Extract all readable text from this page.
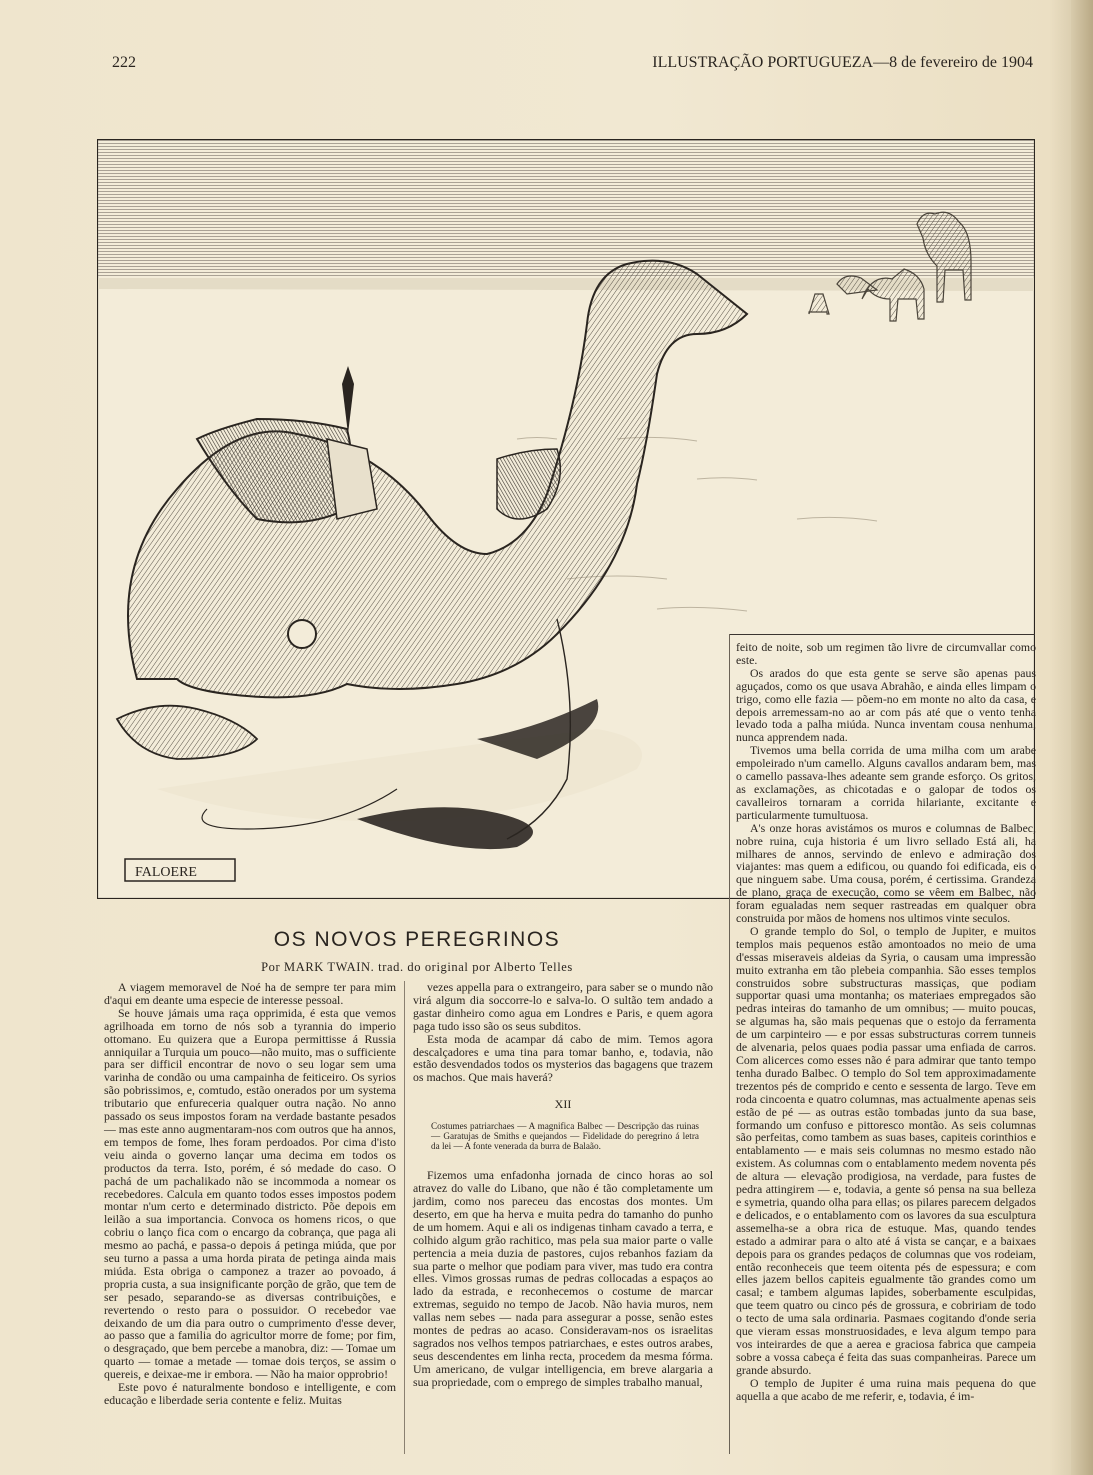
222	ILLUSTRAÇÃO PORTUGUEZA—8 de fevereiro de 1904
FALOERE
OS NOVOS PEREGRINOS
Por MARK TWAIN. trad. do original por Alberto Telles

A viagem memoravel de Noé ha de sempre ter para mim d'aqui em deante uma especie de interesse pessoal.

Se houve jámais uma raça opprimida, é esta que vemos agrilhoada em torno de nós sob a tyrannia do imperio ottomano. Eu quizera que a Europa permittisse á Russia anniquilar a Turquia um pouco—não muito, mas o sufficiente para ser difficil encontrar de novo o seu logar sem uma varinha de condão ou uma campainha de feiticeiro. Os syrios são pobrissimos, e, comtudo, estão onerados por um systema tributario que enfureceria qualquer outra nação. No anno passado os seus impostos foram na verdade bastante pesados — mas este anno augmentaram-nos com outros que ha annos, em tempos de fome, lhes foram perdoados. Por cima d'isto veiu ainda o governo lançar uma decima em todos os productos da terra. Isto, porém, é só medade do caso. O pachá de um pachalikado não se incommoda a nomear os recebedores. Calcula em quanto todos esses impostos podem montar n'um certo e determinado districto. Põe depois em leilão a sua importancia. Convoca os homens ricos, o que cobriu o lanço fica com o encargo da cobrança, que paga ali mesmo ao pachá, e passa-o depois á petinga miúda, que por seu turno a passa a uma horda pirata de petinga ainda mais miúda. Esta obriga o camponez a trazer ao povoado, á propria custa, a sua insignificante porção de grão, que tem de ser pesado, separando-se as diversas contribuições, e revertendo o resto para o possuidor. O recebedor vae deixando de um dia para outro o cumprimento d'esse dever, ao passo que a familia do agricultor morre de fome; por fim, o desgraçado, que bem percebe a manobra, diz: — Tomae um quarto — tomae a metade — tomae dois terços, se assim o quereis, e deixae-me ir embora. — Não ha maior opprobrio!

Este povo é naturalmente bondoso e intelligente, e com educação e liberdade seria contente e feliz. Muitas

vezes appella para o extrangeiro, para saber se o mundo não virá algum dia soccorre-lo e salva-lo. O sultão tem andado a gastar dinheiro como agua em Londres e Paris, e quem agora paga tudo isso são os seus subditos.

Esta moda de acampar dá cabo de mim. Temos agora descalçadores e uma tina para tomar banho, e, todavia, não estão desvendados todos os mysterios das bagagens que trazem os machos. Que mais haverá?

XII

Costumes patriarchaes — A magnifica Balbec — Descripção das ruinas — Garatujas de Smiths e quejandos — Fidelidade do peregrino á letra da lei — A fonte venerada da burra de Balaão.

Fizemos uma enfadonha jornada de cinco horas ao sol atravez do valle do Libano, que não é tão completamente um jardim, como nos pareceu das encostas dos montes. Um deserto, em que ha herva e muita pedra do tamanho do punho de um homem. Aqui e ali os indigenas tinham cavado a terra, e colhido algum grão rachitico, mas pela sua maior parte o valle pertencia a meia duzia de pastores, cujos rebanhos faziam da sua parte o melhor que podiam para viver, mas tudo era contra elles. Vimos grossas rumas de pedras collocadas a espaços ao lado da estrada, e reconhecemos o costume de marcar extremas, seguido no tempo de Jacob. Não havia muros, nem vallas nem sebes — nada para assegurar a posse, senão estes montes de pedras ao acaso. Consideravam-nos os israelitas sagrados nos velhos tempos patriarchaes, e estes outros arabes, seus descendentes em linha recta, procedem da mesma fórma. Um americano, de vulgar intelligencia, em breve alargaria a sua propriedade, com o emprego de simples trabalho manual,

feito de noite, sob um regimen tão livre de circumvallar como este.

Os arados do que esta gente se serve são apenas paus aguçados, como os que usava Abrahão, e ainda elles limpam o trigo, como elle fazia — põem-no em monte no alto da casa, e depois arremessam-no ao ar com pás até que o vento tenha levado toda a palha miúda. Nunca inventam cousa nenhuma, nunca apprendem nada.

Tivemos uma bella corrida de uma milha com um arabe empoleirado n'um camello. Alguns cavallos andaram bem, mas o camello passava-lhes adeante sem grande esforço. Os gritos, as exclamações, as chicotadas e o galopar de todos os cavalleiros tornaram a corrida hilariante, excitante e particularmente tumultuosa.

A's onze horas avistámos os muros e columnas de Balbec, nobre ruina, cuja historia é um livro sellado Está ali, ha milhares de annos, servindo de enlevo e admiração dos viajantes: mas quem a edificou, ou quando foi edificada, eis o que ninguem sabe. Uma cousa, porém, é certissima. Grandeza de plano, graça de execução, como se vêem em Balbec, não foram egualadas nem sequer rastreadas em qualquer obra construida por mãos de homens nos ultimos vinte seculos.

O grande templo do Sol, o templo de Jupiter, e muitos templos mais pequenos estão amontoados no meio de uma d'essas miseraveis aldeias da Syria, o causam uma impressão muito extranha em tão plebeia companhia. São esses templos construidos sobre substructuras massiças, que podiam supportar quasi uma montanha; os materiaes empregados são pedras inteiras do tamanho de um omnibus; — muito poucas, se algumas ha, são mais pequenas que o estojo da ferramenta de um carpinteiro — e por essas substructuras correm tunneis de alvenaria, pelos quaes podia passar uma enfiada de carros. Com alicerces como esses não é para admirar que tanto tempo tenha durado Balbec. O templo do Sol tem approximadamente trezentos pés de comprido e cento e sessenta de largo. Teve em roda cincoenta e quatro columnas, mas actualmente apenas seis estão de pé — as outras estão tombadas junto da sua base, formando um confuso e pittoresco montão. As seis columnas são perfeitas, como tambem as suas bases, capiteis corinthios e entablamento — e mais seis columnas no mesmo estado não existem. As columnas com o entablamento medem noventa pés de altura — elevação prodigiosa, na verdade, para fustes de pedra attingirem — e, todavia, a gente só pensa na sua belleza e symetria, quando olha para ellas; os pilares parecem delgados e delicados, e o entablamento com os lavores da sua esculptura assemelha-se a obra rica de estuque. Mas, quando tendes estado a admirar para o alto até á vista se cançar, e a baixaes depois para os grandes pedaços de columnas que vos rodeiam, então reconheceis que teem oitenta pés de espessura; e com elles jazem bellos capiteis egualmente tão grandes como um casal; e tambem algumas lapides, soberbamente esculpidas, que teem quatro ou cinco pés de grossura, e cobririam de todo o tecto de uma sala ordinaria. Pasmaes cogitando d'onde seria que vieram essas monstruosidades, e leva algum tempo para vos inteirardes de que a aerea e graciosa fabrica que campeia sobre a vossa cabeça é feita das suas companheiras. Parece um grande absurdo.

O templo de Jupiter é uma ruina mais pequena do que aquella a que acabo de me referir, e, todavia, é im-
